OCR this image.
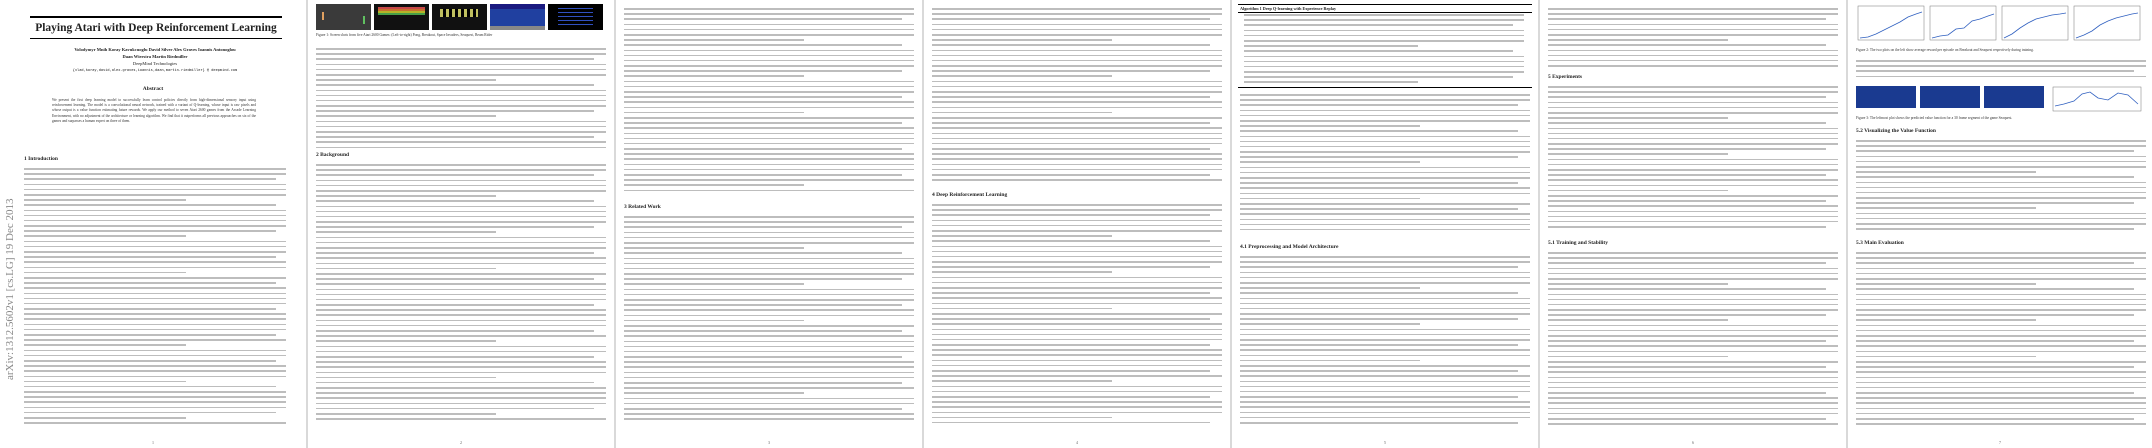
arXiv:1312.5602v1 [cs.LG] 19 Dec 2013
Playing Atari with Deep Reinforcement Learning
Volodymyr Mnih Koray Kavukcuoglu David Silver Alex Graves Ioannis Antonoglou
Daan Wierstra Martin Riedmiller
DeepMind Technologies
{vlad,koray,david,alex.graves,ioannis,daan,martin.riedmiller} @ deepmind.com
Abstract
We present the first deep learning model to successfully learn control policies directly from high-dimensional sensory input using reinforcement learning. The model is a convolutional neural network, trained with a variant of Q-learning, whose input is raw pixels and whose output is a value function estimating future rewards. We apply our method to seven Atari 2600 games from the Arcade Learning Environment, with no adjustment of the architecture or learning algorithm. We find that it outperforms all previous approaches on six of the games and surpasses a human expert on three of them.
1 Introduction
1
Figure 1: Screen shots from five Atari 2600 Games: (Left-to-right) Pong, Breakout, Space Invaders, Seaquest, Beam Rider
2 Background
2
3 Related Work
3
4 Deep Reinforcement Learning
4
Algorithm 1 Deep Q-learning with Experience Replay
4.1 Preprocessing and Model Architecture
5
5 Experiments
5.1 Training and Stability
6
Figure 2: The two plots on the left show average reward per episode on Breakout and Seaquest respectively during training.
Figure 3: The leftmost plot shows the predicted value function for a 30 frame segment of the game Seaquest.
5.2 Visualizing the Value Function
5.3 Main Evaluation
7
